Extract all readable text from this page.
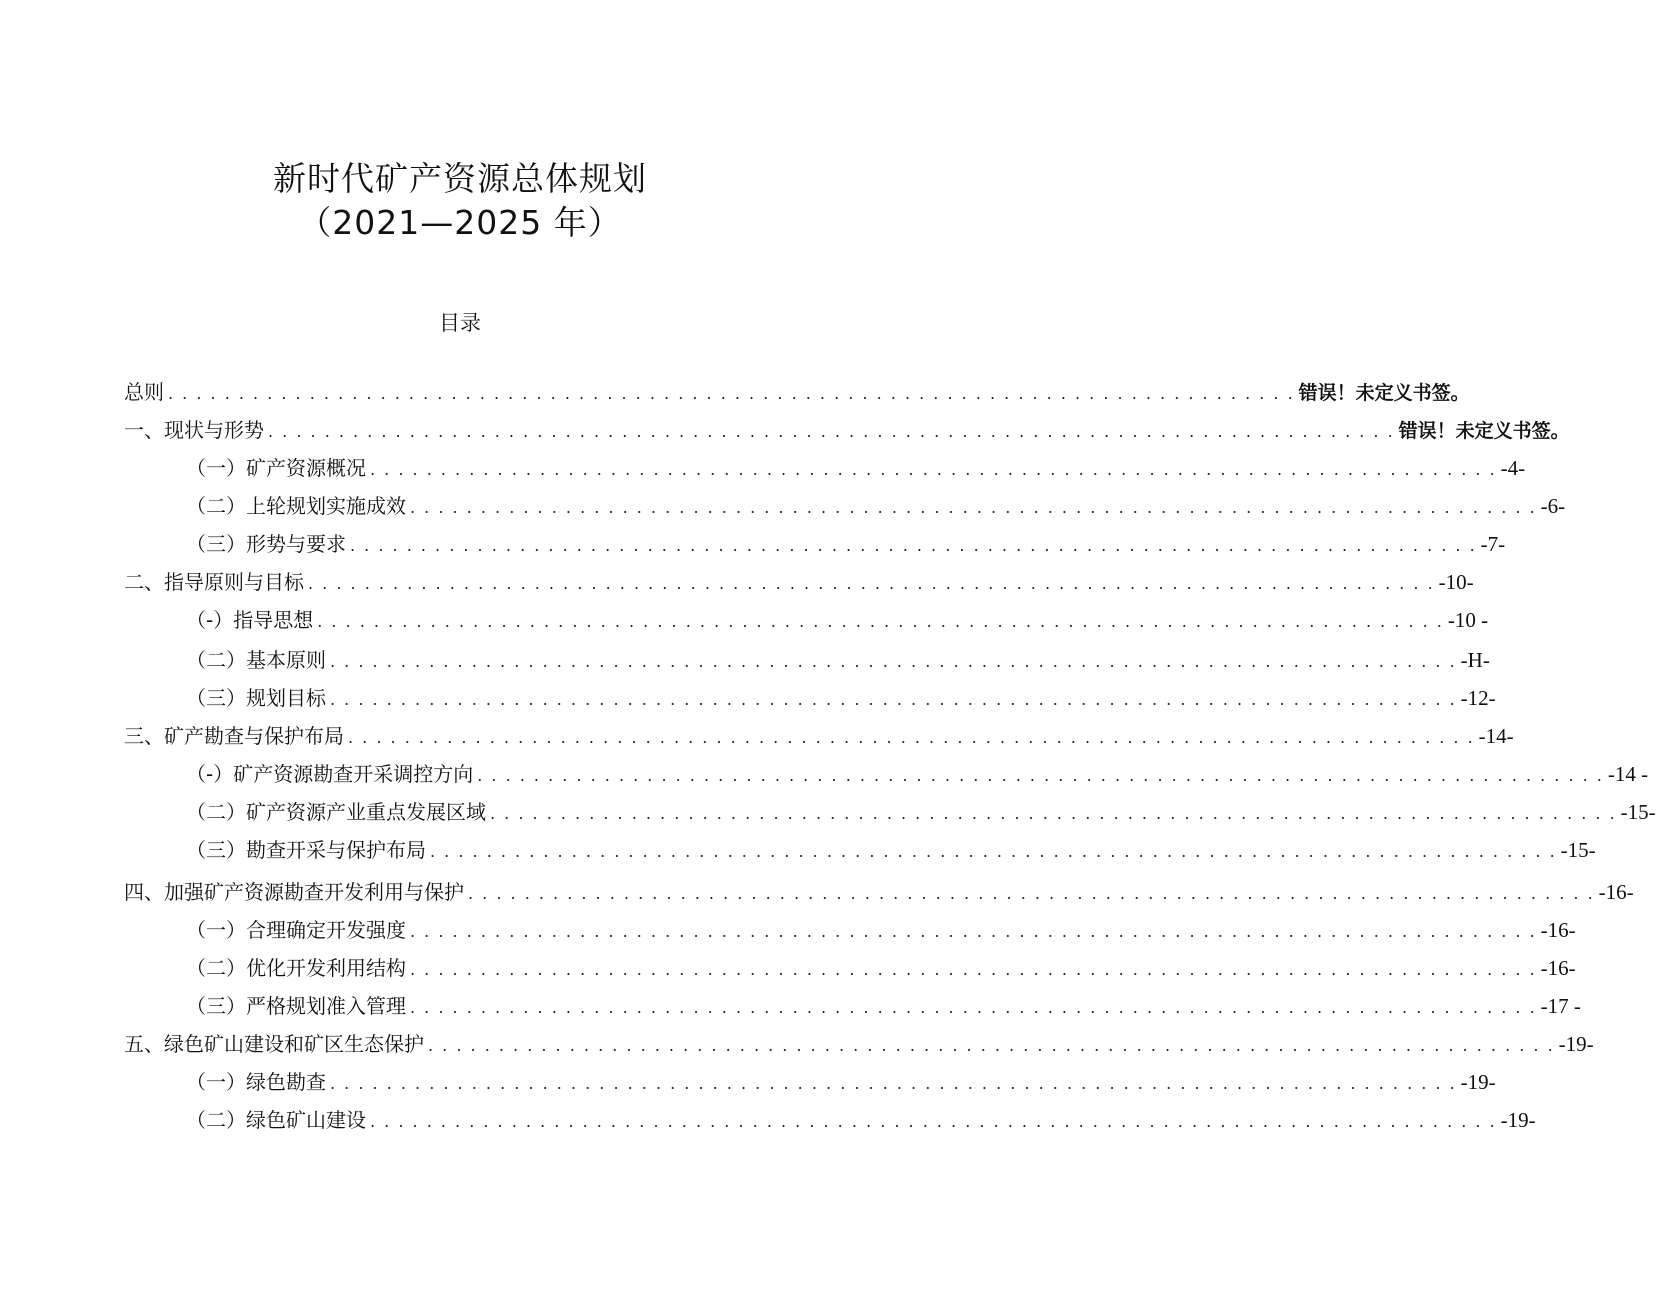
新时代矿产资源总体规划
（2021—2025 年）
目录
总则 . . . . . . . . . . . . . . . . . . . . . . . . . . . . . . . . . . . . . . . . . . . . . . . . . . . . . . . . . . . . . . . . . . . . . . . . . . . . . . . . 错误！未定义书签。
一、现状与形势 . . . . . . . . . . . . . . . . . . . . . . . . . . . . . . . . . . . . . . . . . . . . . . . . . . . . . . . . . . . . . . . . . . . . . . . . . . . . . . . . 错误！未定义书签。
（一）矿产资源概况 . . . . . . . . . . . . . . . . . . . . . . . . . . . . . . . . . . . . . . . . . . . . . . . . . . . . . . . . . . . . . . . . . . . . . . . . . . . . . . . . -4-
（二）上轮规划实施成效 . . . . . . . . . . . . . . . . . . . . . . . . . . . . . . . . . . . . . . . . . . . . . . . . . . . . . . . . . . . . . . . . . . . . . . . . . . . . . . . . -6-
（三）形势与要求 . . . . . . . . . . . . . . . . . . . . . . . . . . . . . . . . . . . . . . . . . . . . . . . . . . . . . . . . . . . . . . . . . . . . . . . . . . . . . . . . -7-
二、指导原则与目标 . . . . . . . . . . . . . . . . . . . . . . . . . . . . . . . . . . . . . . . . . . . . . . . . . . . . . . . . . . . . . . . . . . . . . . . . . . . . . . . . -10-
（-）指导思想 . . . . . . . . . . . . . . . . . . . . . . . . . . . . . . . . . . . . . . . . . . . . . . . . . . . . . . . . . . . . . . . . . . . . . . . . . . . . . . . . -10 -
（二）基本原则 . . . . . . . . . . . . . . . . . . . . . . . . . . . . . . . . . . . . . . . . . . . . . . . . . . . . . . . . . . . . . . . . . . . . . . . . . . . . . . . . -H-
（三）规划目标 . . . . . . . . . . . . . . . . . . . . . . . . . . . . . . . . . . . . . . . . . . . . . . . . . . . . . . . . . . . . . . . . . . . . . . . . . . . . . . . . -12-
三、矿产勘查与保护布局 . . . . . . . . . . . . . . . . . . . . . . . . . . . . . . . . . . . . . . . . . . . . . . . . . . . . . . . . . . . . . . . . . . . . . . . . . . . . . . . . -14-
（-）矿产资源勘查开采调控方向 . . . . . . . . . . . . . . . . . . . . . . . . . . . . . . . . . . . . . . . . . . . . . . . . . . . . . . . . . . . . . . . . . . . . . . . . . . . . . . . . -14 -
（二）矿产资源产业重点发展区域 . . . . . . . . . . . . . . . . . . . . . . . . . . . . . . . . . . . . . . . . . . . . . . . . . . . . . . . . . . . . . . . . . . . . . . . . . . . . . . . . -15-
（三）勘查开采与保护布局 . . . . . . . . . . . . . . . . . . . . . . . . . . . . . . . . . . . . . . . . . . . . . . . . . . . . . . . . . . . . . . . . . . . . . . . . . . . . . . . . -15-
四、加强矿产资源勘查开发利用与保护 . . . . . . . . . . . . . . . . . . . . . . . . . . . . . . . . . . . . . . . . . . . . . . . . . . . . . . . . . . . . . . . . . . . . . . . . . . . . . . . . -16-
（一）合理确定开发强度 . . . . . . . . . . . . . . . . . . . . . . . . . . . . . . . . . . . . . . . . . . . . . . . . . . . . . . . . . . . . . . . . . . . . . . . . . . . . . . . . -16-
（二）优化开发利用结构 . . . . . . . . . . . . . . . . . . . . . . . . . . . . . . . . . . . . . . . . . . . . . . . . . . . . . . . . . . . . . . . . . . . . . . . . . . . . . . . . -16-
（三）严格规划准入管理 . . . . . . . . . . . . . . . . . . . . . . . . . . . . . . . . . . . . . . . . . . . . . . . . . . . . . . . . . . . . . . . . . . . . . . . . . . . . . . . . -17 -
五、绿色矿山建设和矿区生态保护 . . . . . . . . . . . . . . . . . . . . . . . . . . . . . . . . . . . . . . . . . . . . . . . . . . . . . . . . . . . . . . . . . . . . . . . . . . . . . . . . -19-
（一）绿色勘查 . . . . . . . . . . . . . . . . . . . . . . . . . . . . . . . . . . . . . . . . . . . . . . . . . . . . . . . . . . . . . . . . . . . . . . . . . . . . . . . . -19-
（二）绿色矿山建设 . . . . . . . . . . . . . . . . . . . . . . . . . . . . . . . . . . . . . . . . . . . . . . . . . . . . . . . . . . . . . . . . . . . . . . . . . . . . . . . . -19-
